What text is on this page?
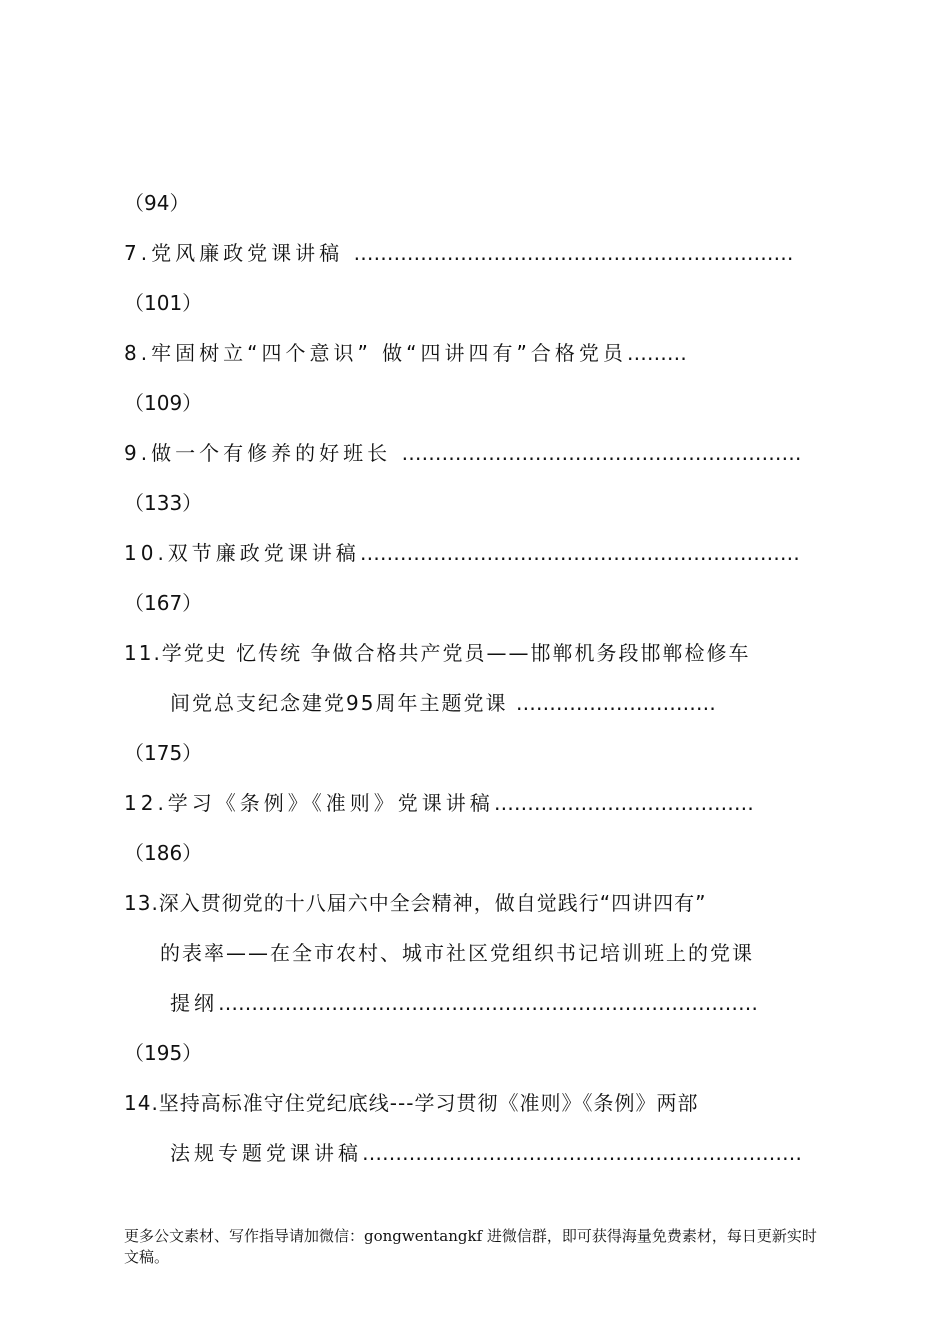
（94）
7.党风廉政党课讲稿 …………………………………………………………
（101）
8.牢固树立“四个意识” 做“四讲四有”合格党员………
（109）
9.做一个有修养的好班长 ……………………………………………………
（133）
10.双节廉政党课讲稿…………………………………………………………
（167）
11.学党史 忆传统 争做合格共产党员——邯郸机务段邯郸检修车
间党总支纪念建党95周年主题党课 …………………………
（175）
12.学习《条例》《准则》党课讲稿…………………………………
（186）
13.深入贯彻党的十八届六中全会精神，做自觉践行“四讲四有”
的表率——在全市农村、城市社区党组织书记培训班上的党课
提纲………………………………………………………………………
（195）
14.坚持高标准守住党纪底线---学习贯彻《准则》《条例》两部
法规专题党课讲稿…………………………………………………………
更多公文素材、写作指导请加微信：gongwentangkf 进微信群，即可获得海量免费素材，每日更新实时文稿。
